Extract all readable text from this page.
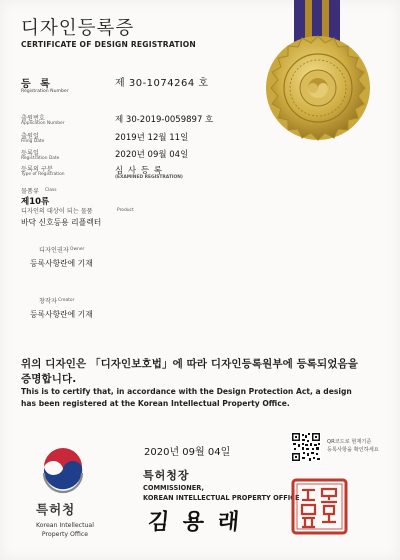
디자인등록증
CERTIFICATE OF DESIGN REGISTRATION
등 록
Registration Number
제 30-1074264 호
출원번호
Application Number	제 30-2019-0059897 호
출원일
Filing Date	2019년 12월 11일
등록일
Registration Date	2020년 09월 04일
등록의 구분
Type of Registration	심 사 등 록
(EXAMINED REGISTRATION)
물품류 Class
제10류
디자인의 대상이 되는 물품	Product
바닥 신호등용 리플렉터
디자인권자 Owner
등록사항란에 기재
창작자 Creator
등록사항란에 기재
위의 디자인은 「디자인보호법」에 따라 디자인등록원부에 등록되었음을
증명합니다.
This is to certify that, in accordance with the Design Protection Act, a design
has been registered at the Korean Intellectual Property Office.
특허청
Korean Intellectual
Property Office
2020년 09월 04일
특허청장
COMMISSIONER,
KOREAN INTELLECTUAL PROPERTY OFFICE
김 용 래
QR코드로 현재기준
등록사항을 확인하세요
